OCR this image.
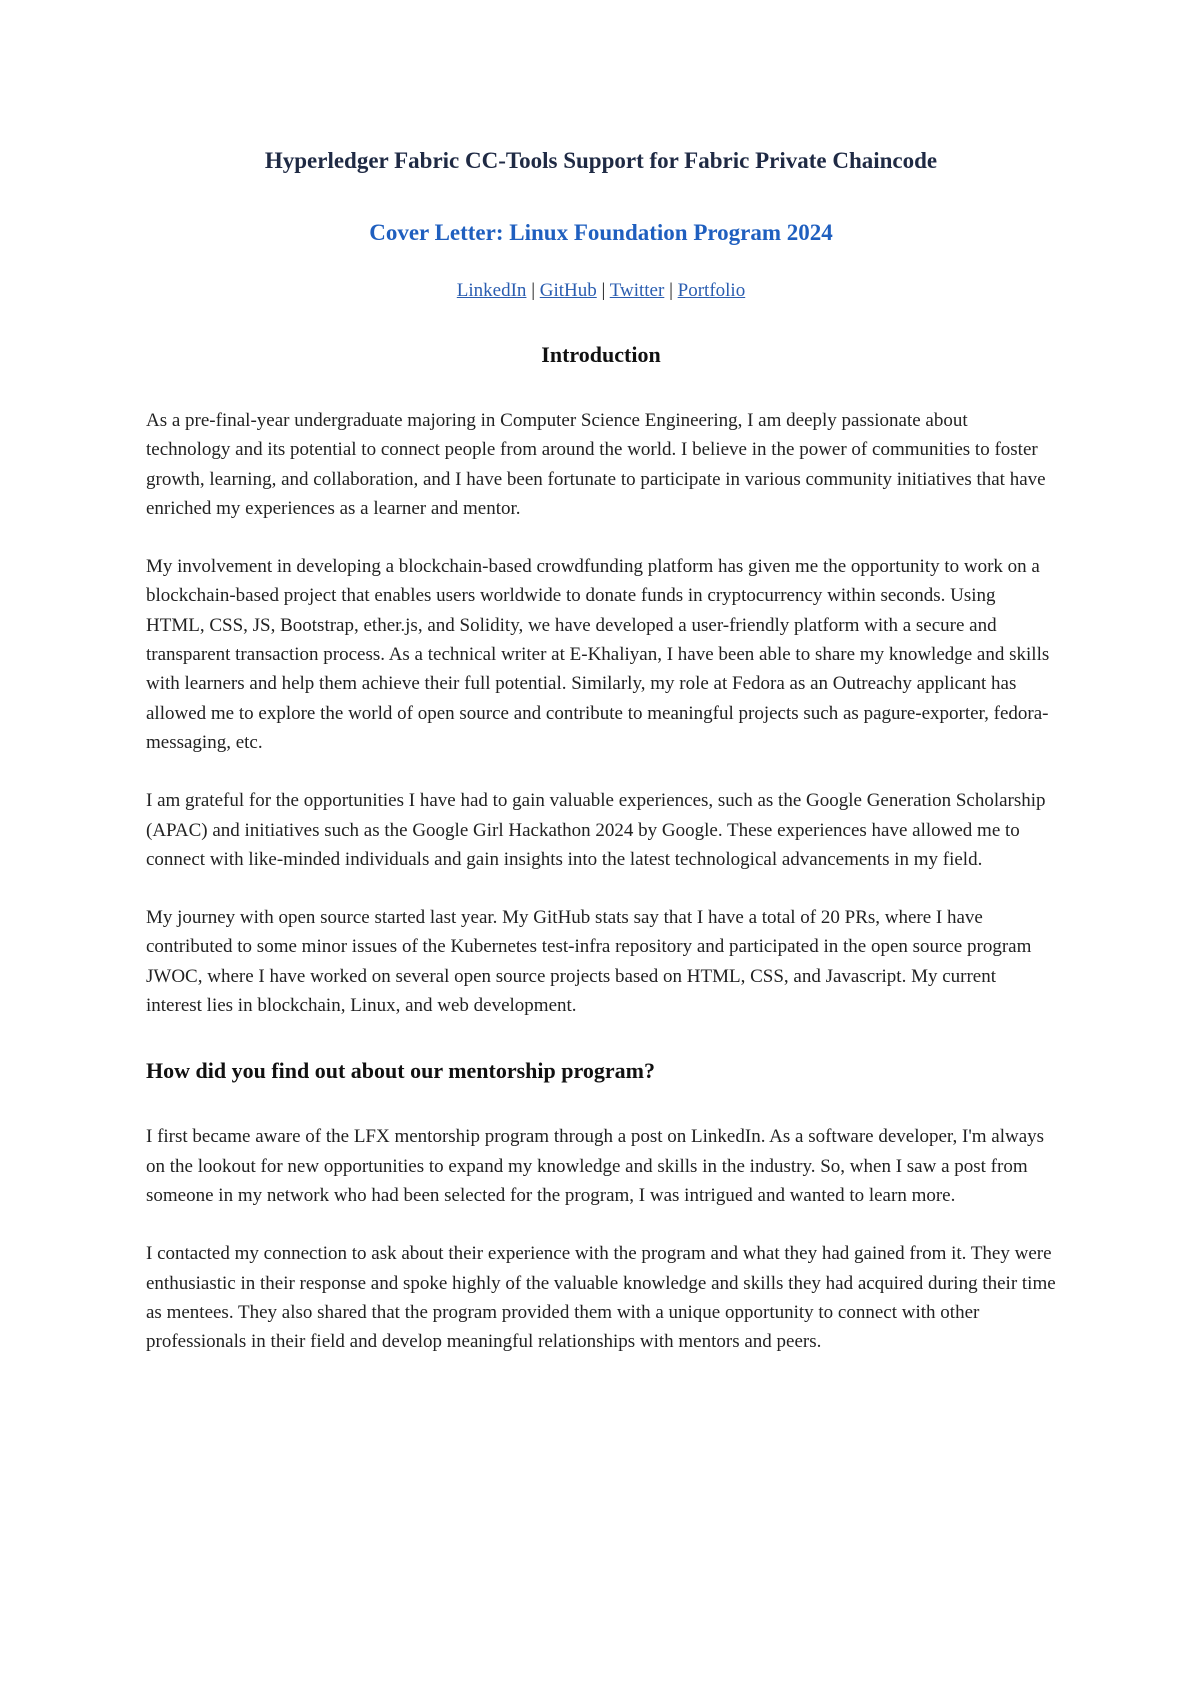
Hyperledger Fabric CC-Tools Support for Fabric Private Chaincode
Cover Letter: Linux Foundation Program 2024
LinkedIn | GitHub | Twitter | Portfolio
Introduction

As a pre-final-year undergraduate majoring in Computer Science Engineering, I am deeply passionate about technology and its potential to connect people from around the world. I believe in the power of communities to foster growth, learning, and collaboration, and I have been fortunate to participate in various community initiatives that have enriched my experiences as a learner and mentor.

My involvement in developing a blockchain-based crowdfunding platform has given me the opportunity to work on a blockchain-based project that enables users worldwide to donate funds in cryptocurrency within seconds. Using HTML, CSS, JS, Bootstrap, ether.js, and Solidity, we have developed a user-friendly platform with a secure and transparent transaction process. As a technical writer at E-Khaliyan, I have been able to share my knowledge and skills with learners and help them achieve their full potential. Similarly, my role at Fedora as an Outreachy applicant has allowed me to explore the world of open source and contribute to meaningful projects such as pagure-exporter, fedora-messaging, etc.

I am grateful for the opportunities I have had to gain valuable experiences, such as the Google Generation Scholarship (APAC) and initiatives such as the Google Girl Hackathon 2024 by Google. These experiences have allowed me to connect with like-minded individuals and gain insights into the latest technological advancements in my field.

My journey with open source started last year. My GitHub stats say that I have a total of 20 PRs, where I have contributed to some minor issues of the Kubernetes test-infra repository and participated in the open source program JWOC, where I have worked on several open source projects based on HTML, CSS, and Javascript. My current interest lies in blockchain, Linux, and web development.

How did you find out about our mentorship program?

I first became aware of the LFX mentorship program through a post on LinkedIn. As a software developer, I'm always on the lookout for new opportunities to expand my knowledge and skills in the industry. So, when I saw a post from someone in my network who had been selected for the program, I was intrigued and wanted to learn more.

I contacted my connection to ask about their experience with the program and what they had gained from it. They were enthusiastic in their response and spoke highly of the valuable knowledge and skills they had acquired during their time as mentees. They also shared that the program provided them with a unique opportunity to connect with other professionals in their field and develop meaningful relationships with mentors and peers.
